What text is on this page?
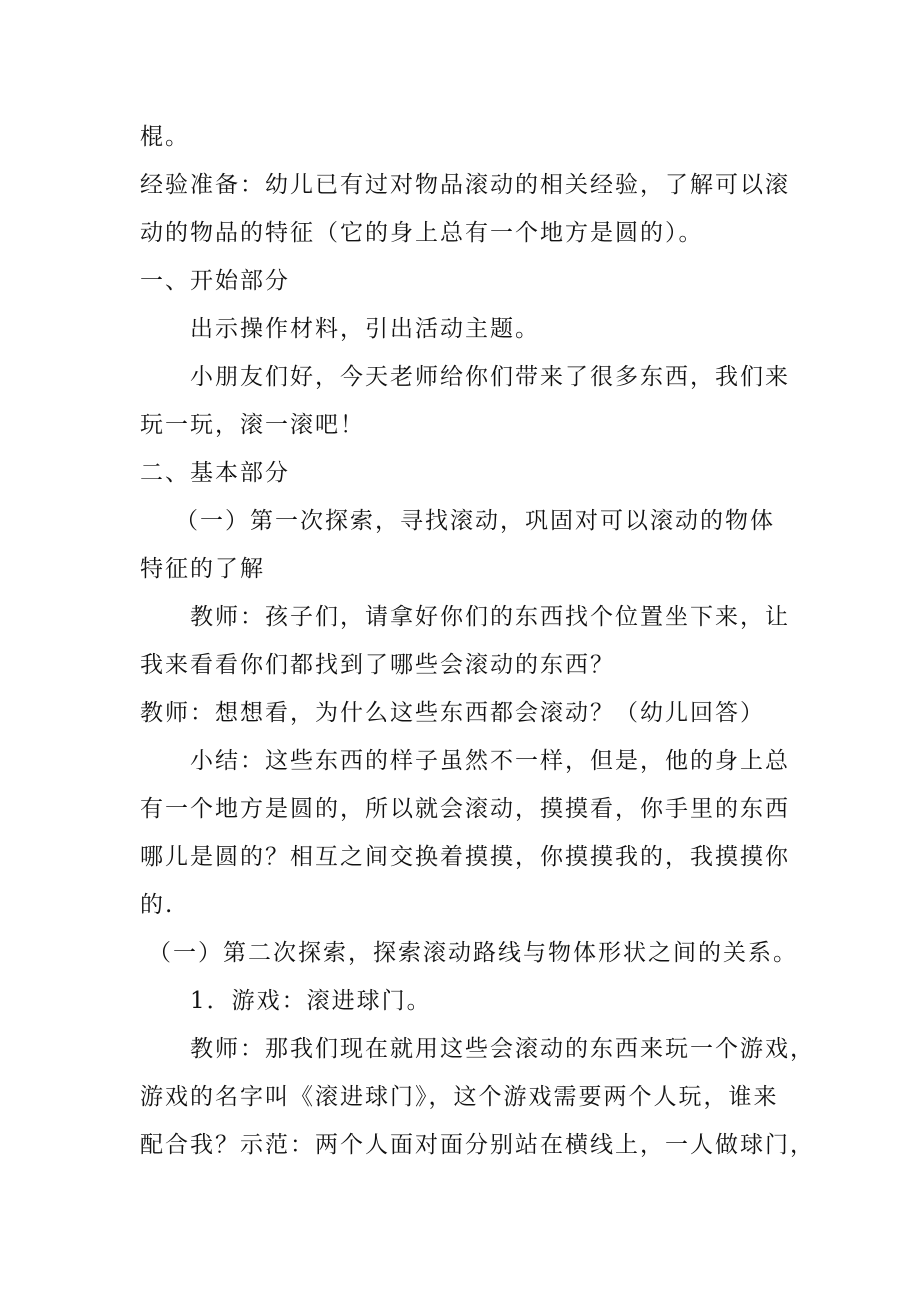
棍。

经验准备：幼儿已有过对物品滚动的相关经验，了解可以滚

动的物品的特征（它的身上总有一个地方是圆的）。

一、开始部分

出示操作材料，引出活动主题。

小朋友们好，今天老师给你们带来了很多东西，我们来

玩一玩，滚一滚吧！

二、基本部分

（一）第一次探索，寻找滚动，巩固对可以滚动的物体

特征的了解

教师：孩子们，请拿好你们的东西找个位置坐下来，让

我来看看你们都找到了哪些会滚动的东西？

教师：想想看，为什么这些东西都会滚动？（幼儿回答）

小结：这些东西的样子虽然不一样，但是，他的身上总

有一个地方是圆的，所以就会滚动，摸摸看，你手里的东西

哪儿是圆的？相互之间交换着摸摸，你摸摸我的，我摸摸你

的.

（一）第二次探索，探索滚动路线与物体形状之间的关系。

1．游戏：滚进球门。

教师：那我们现在就用这些会滚动的东西来玩一个游戏，

游戏的名字叫《滚进球门》，这个游戏需要两个人玩，谁来

配合我？示范：两个人面对面分别站在横线上，一人做球门，
